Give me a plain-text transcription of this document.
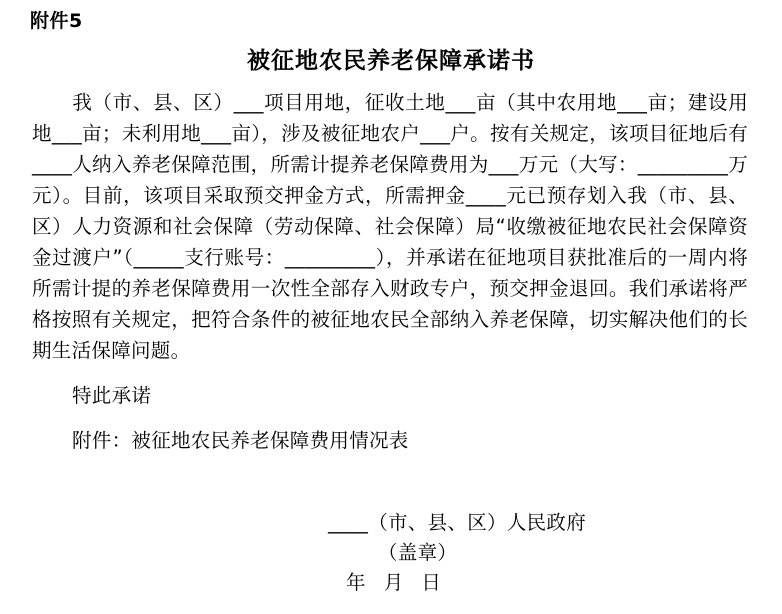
附件5
被征地农民养老保障承诺书
我（市、县、区）___项目用地，征收土地___亩（其中农用地___亩；建设用地___亩；未利用地___亩），涉及被征地农户___户。按有关规定，该项目征地后有____人纳入养老保障范围，所需计提养老保障费用为___万元（大写：_________万元）。目前，该项目采取预交押金方式，所需押金____元已预存划入我（市、县、区）人力资源和社会保障（劳动保障、社会保障）局“收缴被征地农民社会保障资金过渡户”（_____支行账号：_________），并承诺在征地项目获批准后的一周内将所需计提的养老保障费用一次性全部存入财政专户，预交押金退回。我们承诺将严格按照有关规定，把符合条件的被征地农民全部纳入养老保障，切实解决他们的长期生活保障问题。
特此承诺
附件：被征地农民养老保障费用情况表
____（市、县、区）人民政府
（盖章）
年 月 日
